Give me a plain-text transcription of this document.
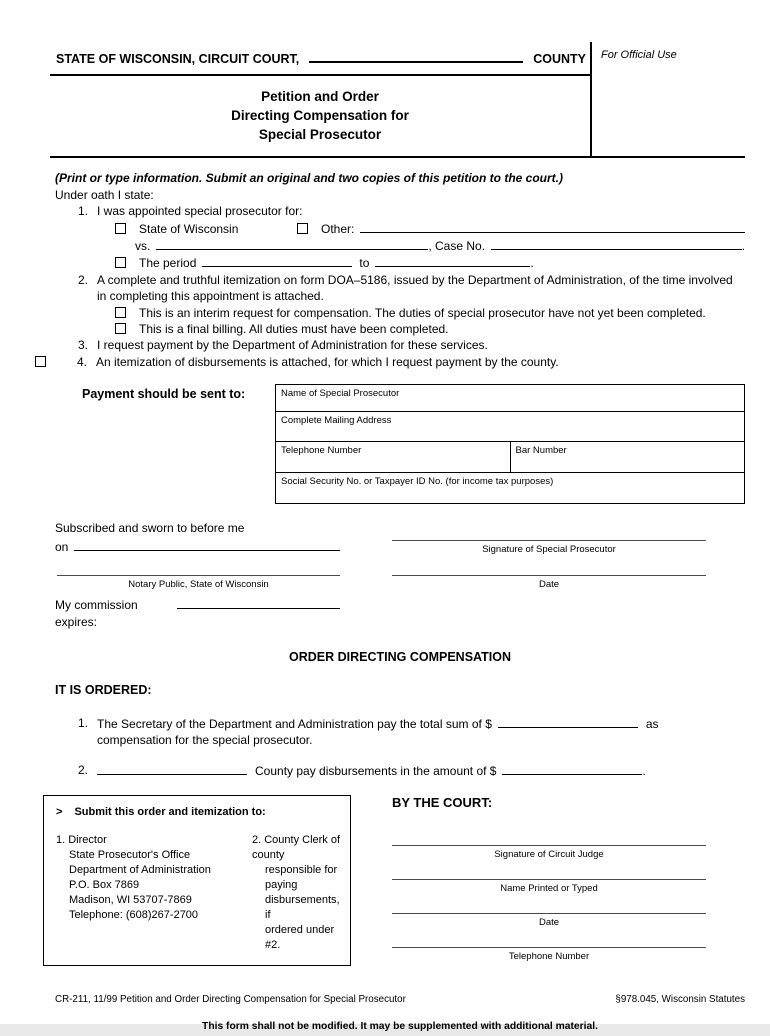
STATE OF WISCONSIN, CIRCUIT COURT,	COUNTY
Petition and Order
Directing Compensation for
Special Prosecutor
For Official Use
(Print or type information. Submit an original and two copies of this petition to the court.)
Under oath I state:
1. I was appointed special prosecutor for:
State of Wisconsin	Other:
vs.	, Case No.	.
The period	to	.
2. A complete and truthful itemization on form DOA–5186, issued by the Department of Administration, of the time involved in completing this appointment is attached.
This is an interim request for compensation. The duties of special prosecutor have not yet been completed.
This is a final billing. All duties must have been completed.
3. I request payment by the Department of Administration for these services.
4. An itemization of disbursements is attached, for which I request payment by the county.
Payment should be sent to:	Name of Special Prosecutor
Complete Mailing Address
Telephone Number	Bar Number
Social Security No. or Taxpayer ID No. (for income tax purposes)
Subscribed and sworn to before me
on	Signature of Special Prosecutor
Notary Public, State of Wisconsin	Date
My commission expires:
ORDER DIRECTING COMPENSATION
IT IS ORDERED:
1. The Secretary of the Department and Administration pay the total sum of $	as
compensation for the special prosecutor.
2.	County pay disbursements in the amount of $	.
> Submit this order and itemization to:
1. Director
State Prosecutor's Office
Department of Administration
P.O. Box 7869
Madison, WI 53707-7869
Telephone: (608)267-2700
2. County Clerk of county
responsible for paying
disbursements, if
ordered under #2.
BY THE COURT:
Signature of Circuit Judge
Name Printed or Typed
Date
Telephone Number
CR-211, 11/99 Petition and Order Directing Compensation for Special Prosecutor	§978.045, Wisconsin Statutes
This form shall not be modified. It may be supplemented with additional material.
